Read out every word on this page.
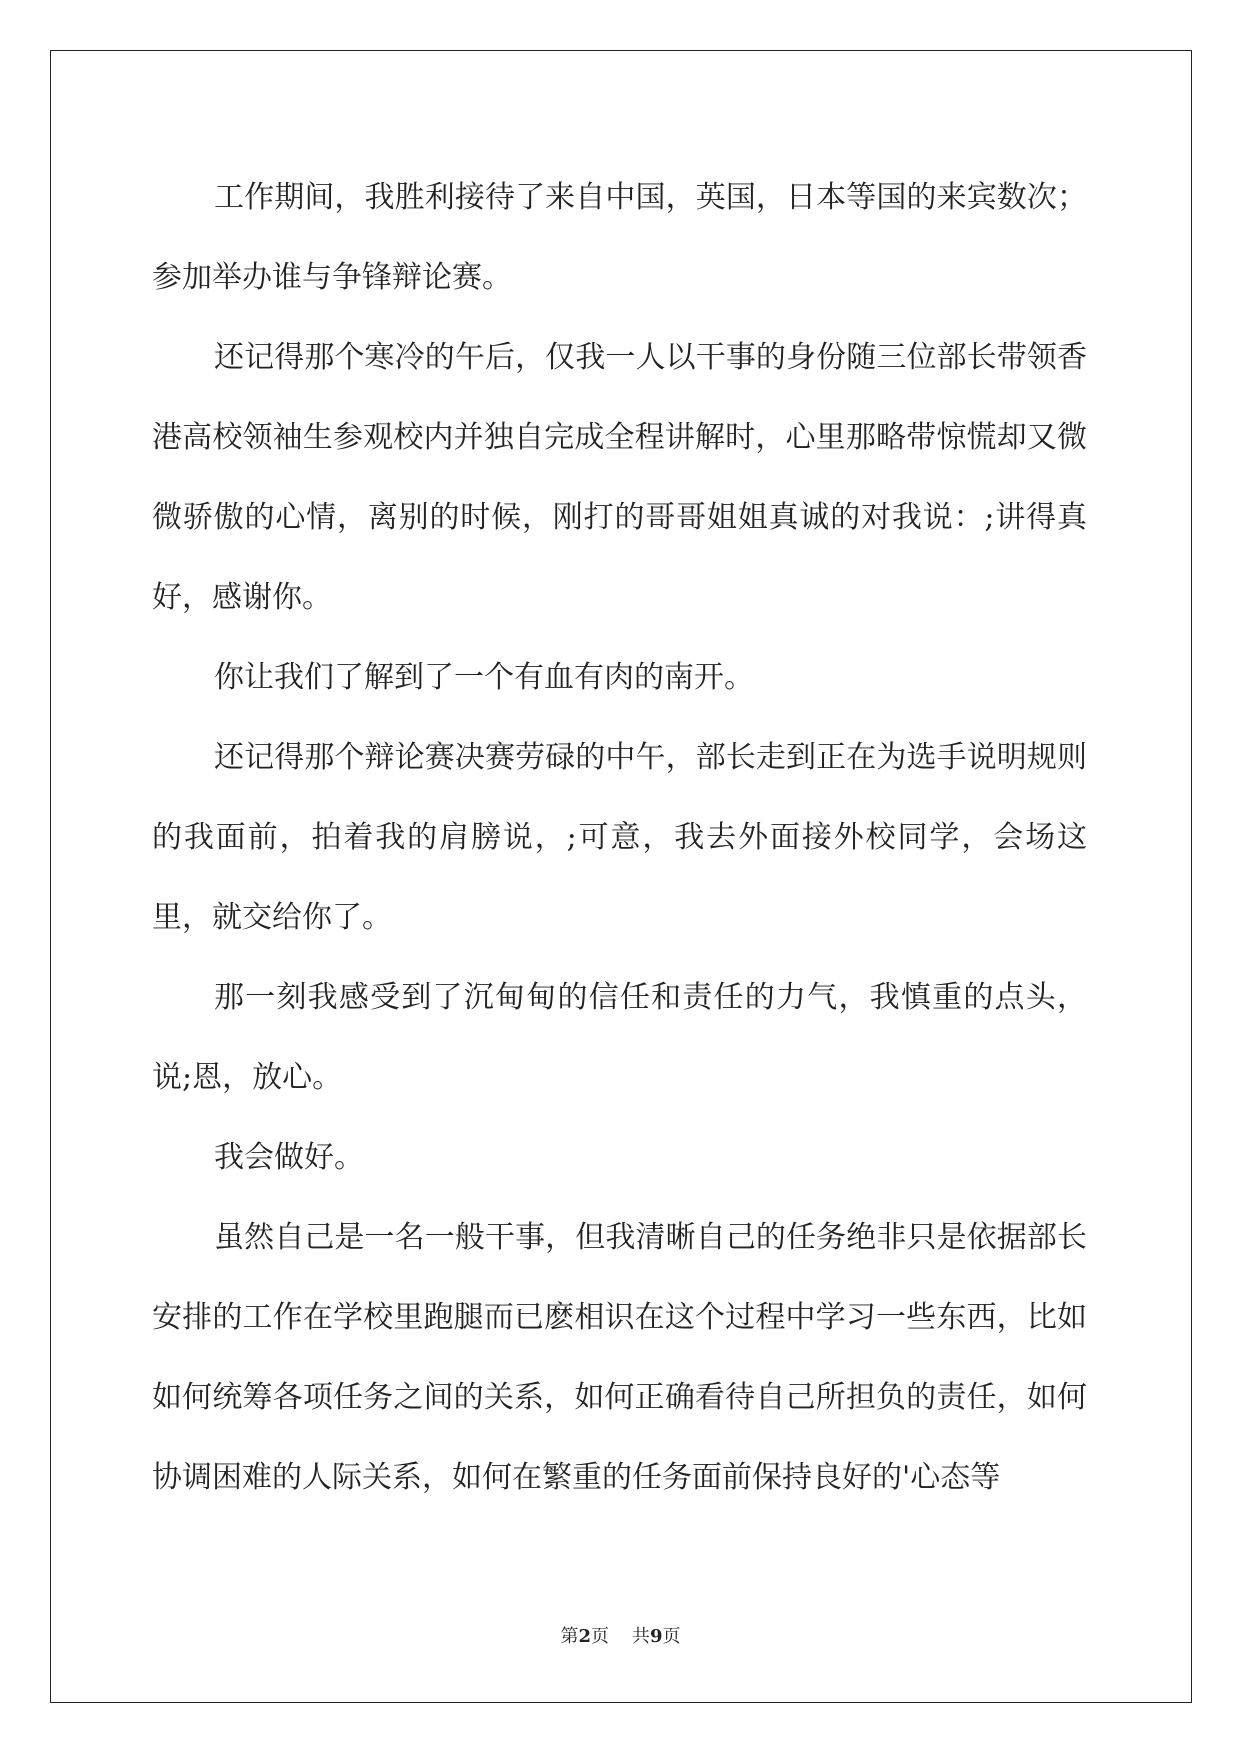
工作期间，我胜利接待了来自中国，英国，日本等国的来宾数次；参加举办谁与争锋辩论赛。

还记得那个寒冷的午后，仅我一人以干事的身份随三位部长带领香港高校领袖生参观校内并独自完成全程讲解时，心里那略带惊慌却又微微骄傲的心情，离别的时候，刚打的哥哥姐姐真诚的对我说：;讲得真好，感谢你。

你让我们了解到了一个有血有肉的南开。

还记得那个辩论赛决赛劳碌的中午，部长走到正在为选手说明规则的我面前，拍着我的肩膀说，;可意，我去外面接外校同学，会场这里，就交给你了。

那一刻我感受到了沉甸甸的信任和责任的力气，我慎重的点头，说;恩，放心。

我会做好。

虽然自己是一名一般干事，但我清晰自己的任务绝非只是依据部长安排的工作在学校里跑腿而已麽相识在这个过程中学习一些东西，比如如何统筹各项任务之间的关系，如何正确看待自己所担负的责任，如何协调困难的人际关系，如何在繁重的任务面前保持良好的'心态等

第2页    共9页
